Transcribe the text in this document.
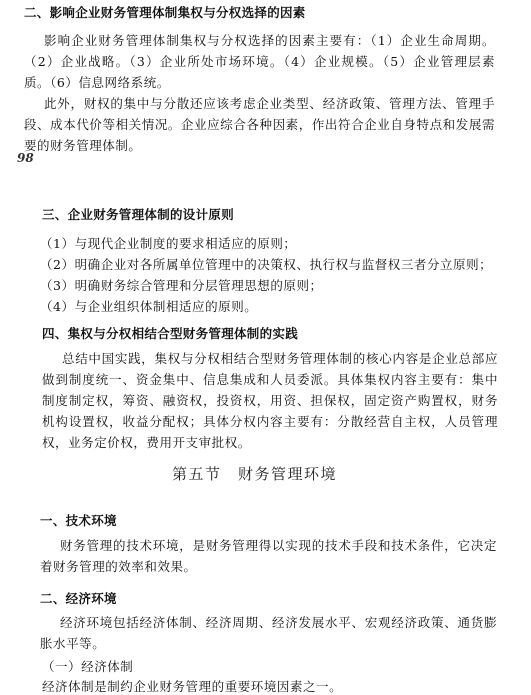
二、影响企业财务管理体制集权与分权选择的因素
影响企业财务管理体制集权与分权选择的因素主要有：（1）企业生命周期。（2）企业战略。（3）企业所处市场环境。（4）企业规模。（5）企业管理层素质。（6）信息网络系统。
此外，财权的集中与分散还应该考虑企业类型、经济政策、管理方法、管理手段、成本代价等相关情况。企业应综合各种因素，作出符合企业自身特点和发展需要的财务管理体制。
98
三、企业财务管理体制的设计原则
（1）与现代企业制度的要求相适应的原则；
（2）明确企业对各所属单位管理中的决策权、执行权与监督权三者分立原则；
（3）明确财务综合管理和分层管理思想的原则；
（4）与企业组织体制相适应的原则。
四、集权与分权相结合型财务管理体制的实践
总结中国实践，集权与分权相结合型财务管理体制的核心内容是企业总部应做到制度统一、资金集中、信息集成和人员委派。具体集权内容主要有：集中制度制定权，筹资、融资权，投资权，用资、担保权，固定资产购置权，财务机构设置权，收益分配权；具体分权内容主要有：分散经营自主权，人员管理权，业务定价权，费用开支审批权。
第五节　财务管理环境
一、技术环境
财务管理的技术环境，是财务管理得以实现的技术手段和技术条件，它决定着财务管理的效率和效果。
二、经济环境
经济环境包括经济体制、经济周期、经济发展水平、宏观经济政策、通货膨胀水平等。
（一）经济体制
经济体制是制约企业财务管理的重要环境因素之一。
